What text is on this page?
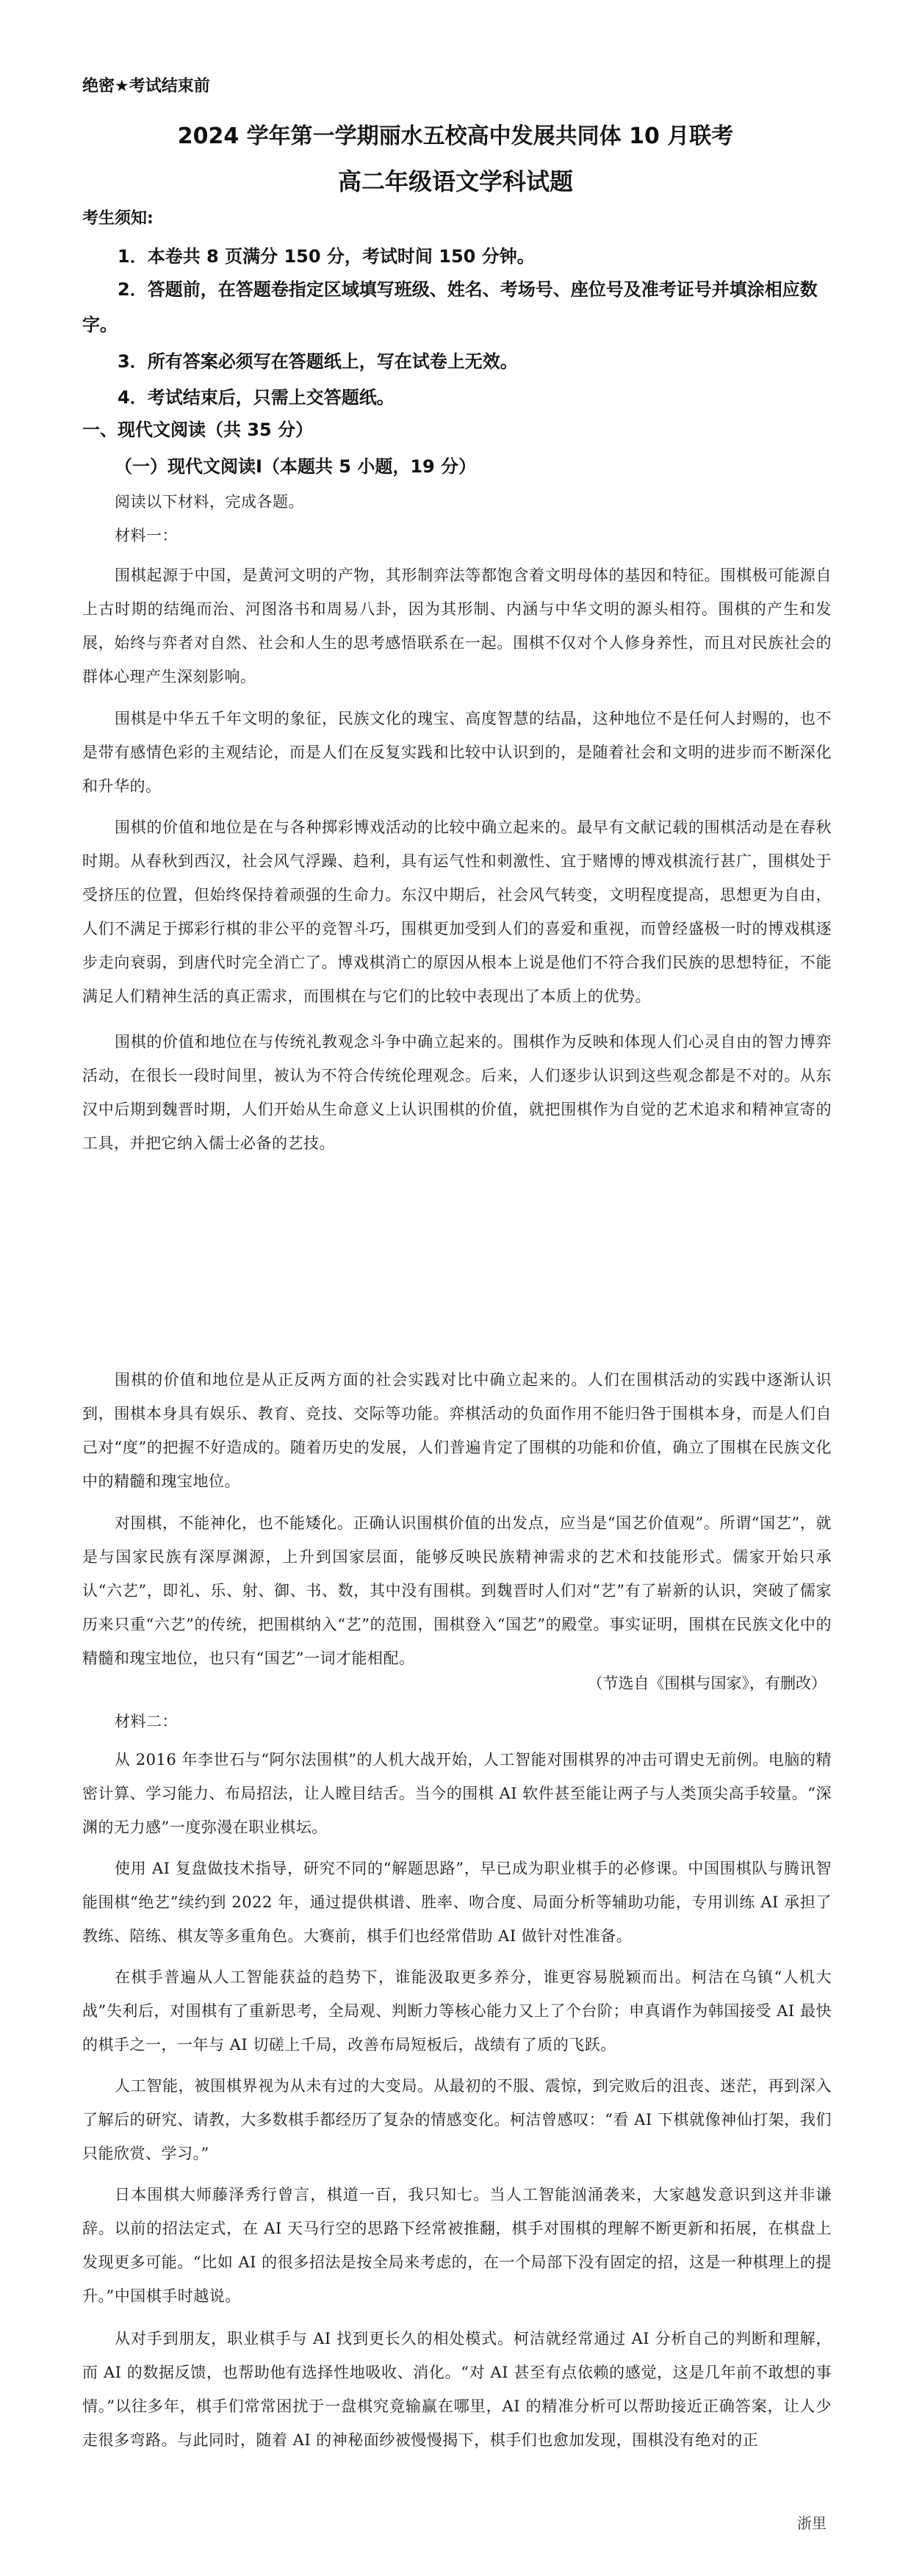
绝密★考试结束前
2024 学年第一学期丽水五校高中发展共同体 10 月联考
高二年级语文学科试题
考生须知:
1．本卷共 8 页满分 150 分，考试时间 150 分钟。
2．答题前，在答题卷指定区域填写班级、姓名、考场号、座位号及准考证号并填涂相应数字。
3．所有答案必须写在答题纸上，写在试卷上无效。
4．考试结束后，只需上交答题纸。
一、现代文阅读（共 35 分）
（一）现代文阅读Ⅰ（本题共 5 小题，19 分）
阅读以下材料，完成各题。
材料一：
围棋起源于中国，是黄河文明的产物，其形制弈法等都饱含着文明母体的基因和特征。围棋极可能源自上古时期的结绳而治、河图洛书和周易八卦，因为其形制、内涵与中华文明的源头相符。围棋的产生和发展，始终与弈者对自然、社会和人生的思考感悟联系在一起。围棋不仅对个人修身养性，而且对民族社会的群体心理产生深刻影响。
围棋是中华五千年文明的象征，民族文化的瑰宝、高度智慧的结晶，这种地位不是任何人封赐的，也不是带有感情色彩的主观结论，而是人们在反复实践和比较中认识到的，是随着社会和文明的进步而不断深化和升华的。
围棋的价值和地位是在与各种掷彩博戏活动的比较中确立起来的。最早有文献记载的围棋活动是在春秋时期。从春秋到西汉，社会风气浮躁、趋利，具有运气性和刺激性、宜于赌博的博戏棋流行甚广，围棋处于受挤压的位置，但始终保持着顽强的生命力。东汉中期后，社会风气转变，文明程度提高，思想更为自由，人们不满足于掷彩行棋的非公平的竞智斗巧，围棋更加受到人们的喜爱和重视，而曾经盛极一时的博戏棋逐步走向衰弱，到唐代时完全消亡了。博戏棋消亡的原因从根本上说是他们不符合我们民族的思想特征，不能满足人们精神生活的真正需求，而围棋在与它们的比较中表现出了本质上的优势。
围棋的价值和地位在与传统礼教观念斗争中确立起来的。围棋作为反映和体现人们心灵自由的智力博弈活动，在很长一段时间里，被认为不符合传统伦理观念。后来，人们逐步认识到这些观念都是不对的。从东汉中后期到魏晋时期，人们开始从生命意义上认识围棋的价值，就把围棋作为自觉的艺术追求和精神宣寄的工具，并把它纳入儒士必备的艺技。
围棋的价值和地位是从正反两方面的社会实践对比中确立起来的。人们在围棋活动的实践中逐渐认识到，围棋本身具有娱乐、教育、竞技、交际等功能。弈棋活动的负面作用不能归咎于围棋本身，而是人们自己对“度”的把握不好造成的。随着历史的发展，人们普遍肯定了围棋的功能和价值，确立了围棋在民族文化中的精髓和瑰宝地位。
对围棋，不能神化，也不能矮化。正确认识围棋价值的出发点，应当是“国艺价值观”。所谓“国艺”，就是与国家民族有深厚渊源，上升到国家层面，能够反映民族精神需求的艺术和技能形式。儒家开始只承认“六艺”，即礼、乐、射、御、书、数，其中没有围棋。到魏晋时人们对“艺”有了崭新的认识，突破了儒家历来只重“六艺”的传统，把围棋纳入“艺”的范围，围棋登入“国艺”的殿堂。事实证明，围棋在民族文化中的精髓和瑰宝地位，也只有“国艺”一词才能相配。
（节选自《围棋与国家》，有删改）
材料二：
从 2016 年李世石与“阿尔法围棋”的人机大战开始，人工智能对围棋界的冲击可谓史无前例。电脑的精密计算、学习能力、布局招法，让人瞠目结舌。当今的围棋 AI 软件甚至能让两子与人类顶尖高手较量。“深渊的无力感”一度弥漫在职业棋坛。
使用 AI 复盘做技术指导，研究不同的“解题思路”，早已成为职业棋手的必修课。中国围棋队与腾讯智能围棋“绝艺”续约到 2022 年，通过提供棋谱、胜率、吻合度、局面分析等辅助功能，专用训练 AI 承担了教练、陪练、棋友等多重角色。大赛前，棋手们也经常借助 AI 做针对性准备。
在棋手普遍从人工智能获益的趋势下，谁能汲取更多养分，谁更容易脱颖而出。柯洁在乌镇“人机大战”失利后，对围棋有了重新思考，全局观、判断力等核心能力又上了个台阶；申真谞作为韩国接受 AI 最快的棋手之一，一年与 AI 切磋上千局，改善布局短板后，战绩有了质的飞跃。
人工智能，被围棋界视为从未有过的大变局。从最初的不服、震惊，到完败后的沮丧、迷茫，再到深入了解后的研究、请教，大多数棋手都经历了复杂的情感变化。柯洁曾感叹：“看 AI 下棋就像神仙打架，我们只能欣赏、学习。”
日本围棋大师藤泽秀行曾言，棋道一百，我只知七。当人工智能汹涌袭来，大家越发意识到这并非谦辞。以前的招法定式，在 AI 天马行空的思路下经常被推翻，棋手对围棋的理解不断更新和拓展，在棋盘上发现更多可能。“比如 AI 的很多招法是按全局来考虑的，在一个局部下没有固定的招，这是一种棋理上的提升。”中国棋手时越说。
从对手到朋友，职业棋手与 AI 找到更长久的相处模式。柯洁就经常通过 AI 分析自己的判断和理解，而 AI 的数据反馈，也帮助他有选择性地吸收、消化。“对 AI 甚至有点依赖的感觉，这是几年前不敢想的事情。”以往多年，棋手们常常困扰于一盘棋究竟输赢在哪里，AI 的精准分析可以帮助接近正确答案，让人少走很多弯路。与此同时，随着 AI 的神秘面纱被慢慢揭下，棋手们也愈加发现，围棋没有绝对的正
浙里
